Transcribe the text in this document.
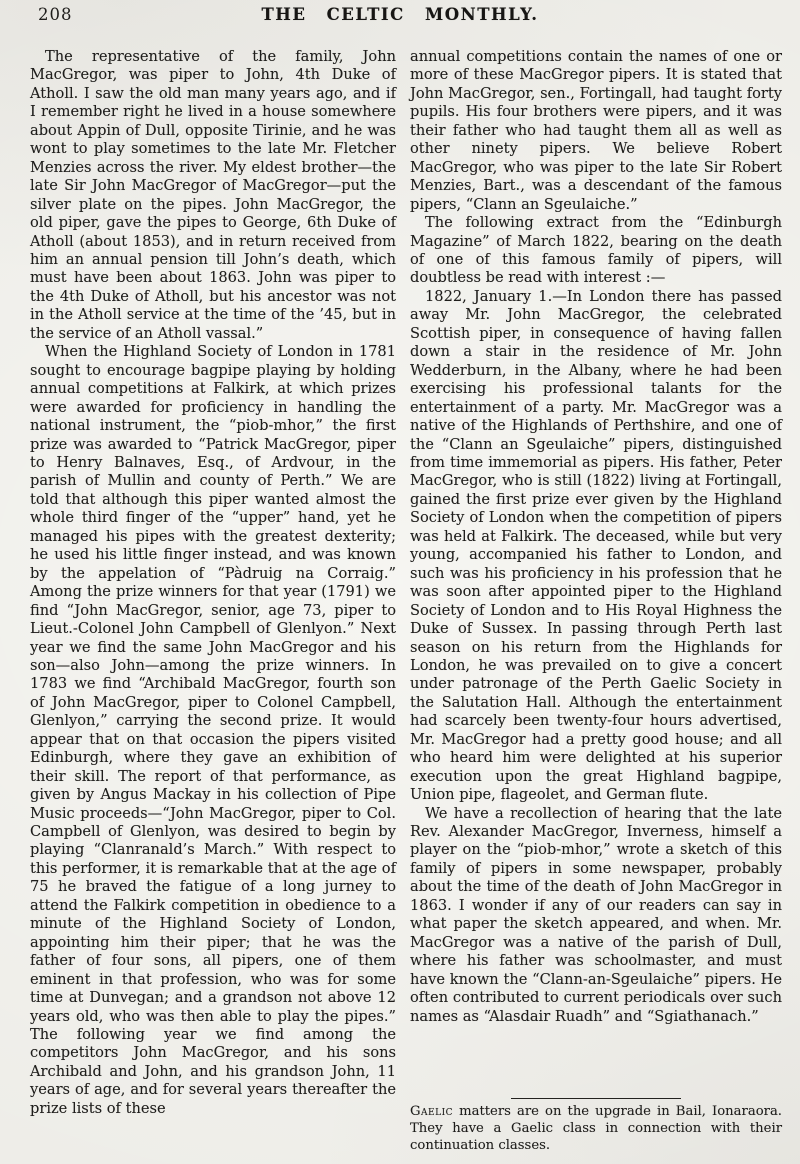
208	THE CELTIC MONTHLY.

The representative of the family, John MacGregor, was piper to John, 4th Duke of Atholl. I saw the old man many years ago, and if I remember right he lived in a house somewhere about Appin of Dull, opposite Tirinie, and he was wont to play sometimes to the late Mr. Fletcher Menzies across the river. My eldest brother—the late Sir John MacGregor of MacGregor—put the silver plate on the pipes. John MacGregor, the old piper, gave the pipes to George, 6th Duke of Atholl (about 1853), and in return received from him an annual pension till John’s death, which must have been about 1863. John was piper to the 4th Duke of Atholl, but his ancestor was not in the Atholl service at the time of the ’45, but in the service of an Atholl vassal.”

When the Highland Society of London in 1781 sought to encourage bagpipe playing by holding annual competitions at Falkirk, at which prizes were awarded for proficiency in handling the national instrument, the “piob-mhor,” the first prize was awarded to “Patrick MacGregor, piper to Henry Balnaves, Esq., of Ardvour, in the parish of Mullin and county of Perth.” We are told that although this piper wanted almost the whole third finger of the “upper” hand, yet he managed his pipes with the greatest dexterity; he used his little finger instead, and was known by the appelation of “Pàdruig na Corraig.” Among the prize winners for that year (1791) we find “John MacGregor, senior, age 73, piper to Lieut.-Colonel John Campbell of Glenlyon.” Next year we find the same John MacGregor and his son—also John—among the prize winners. In 1783 we find “Archibald MacGregor, fourth son of John MacGregor, piper to Colonel Campbell, Glenlyon,” carrying the second prize. It would appear that on that occasion the pipers visited Edinburgh, where they gave an exhibition of their skill. The report of that performance, as given by Angus Mackay in his collection of Pipe Music proceeds—“John MacGregor, piper to Col. Campbell of Glenlyon, was desired to begin by playing “Clanranald’s March.” With respect to this performer, it is remarkable that at the age of 75 he braved the fatigue of a long jurney to attend the Falkirk competition in obedience to a minute of the Highland Society of London, appointing him their piper; that he was the father of four sons, all pipers, one of them eminent in that profession, who was for some time at Dunvegan; and a grandson not above 12 years old, who was then able to play the pipes.” The following year we find among the competitors John MacGregor, and his sons Archibald and John, and his grandson John, 11 years of age, and for several years thereafter the prize lists of these

annual competitions contain the names of one or more of these MacGregor pipers. It is stated that John MacGregor, sen., Fortingall, had taught forty pupils. His four brothers were pipers, and it was their father who had taught them all as well as other ninety pipers. We believe Robert MacGregor, who was piper to the late Sir Robert Menzies, Bart., was a descendant of the famous pipers, “Clann an Sgeulaiche.”

The following extract from the “Edinburgh Magazine” of March 1822, bearing on the death of one of this famous family of pipers, will doubtless be read with interest :—

1822, January 1.—In London there has passed away Mr. John MacGregor, the celebrated Scottish piper, in consequence of having fallen down a stair in the residence of Mr. John Wedderburn, in the Albany, where he had been exercising his professional talants for the entertainment of a party. Mr. MacGregor was a native of the Highlands of Perthshire, and one of the “Clann an Sgeulaiche” pipers, distinguished from time immemorial as pipers. His father, Peter MacGregor, who is still (1822) living at Fortingall, gained the first prize ever given by the Highland Society of London when the competition of pipers was held at Falkirk. The deceased, while but very young, accompanied his father to London, and such was his proficiency in his profession that he was soon after appointed piper to the Highland Society of London and to His Royal Highness the Duke of Sussex. In passing through Perth last season on his return from the Highlands for London, he was prevailed on to give a concert under patronage of the Perth Gaelic Society in the Salutation Hall. Although the entertainment had scarcely been twenty-four hours advertised, Mr. MacGregor had a pretty good house; and all who heard him were delighted at his superior execution upon the great Highland bagpipe, Union pipe, flageolet, and German flute.

We have a recollection of hearing that the late Rev. Alexander MacGregor, Inverness, himself a player on the “piob-mhor,” wrote a sketch of this family of pipers in some newspaper, probably about the time of the death of John MacGregor in 1863. I wonder if any of our readers can say in what paper the sketch appeared, and when. Mr. MacGregor was a native of the parish of Dull, where his father was schoolmaster, and must have known the “Clann-an-Sgeulaiche” pipers. He often contributed to current periodicals over such names as “Alasdair Ruadh” and “Sgiathanach.”

Gaelic matters are on the upgrade in Bail, Ionaraora. They have a Gaelic class in connection with their continuation classes.
